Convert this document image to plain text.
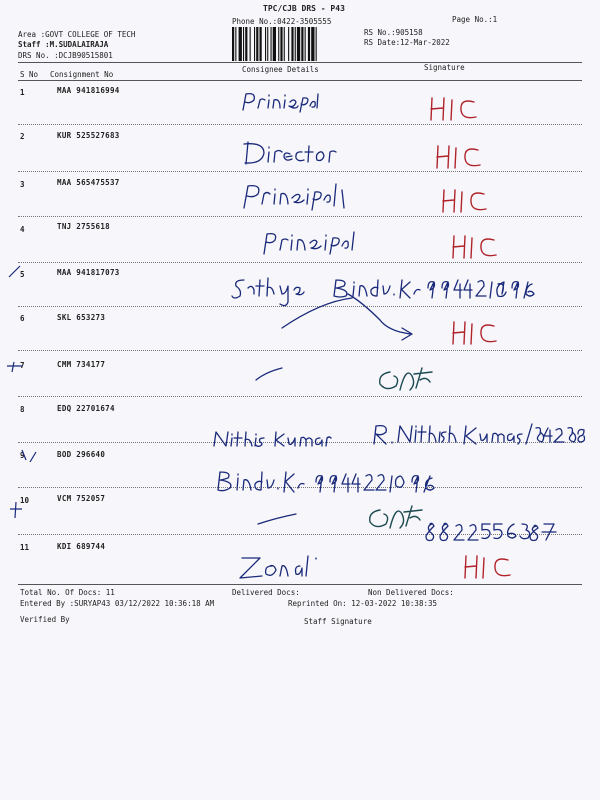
TPC/CJB DRS - P43
Phone No.:0422-3505555	Page No.:1
Area :GOVT COLLEGE OF TECH
Staff :M.SUDALAIRAJA
DRS No. :DCJB90515801
RS No.:905158
RS Date:12-Mar-2022
S No Consignment No
Consignee Details	Signature
1	MAA 941816994
2	KUR 525527683
3	MAA 565475537
4	TNJ 2755618
5	MAA 941817073
6	SKL 653273
7	CMM 734177
8	EDQ 22701674
9	BOD 296640
10	VCM 752057
11	KDI 689744
Total No. Of Docs: 11	Delivered Docs:	Non Delivered Docs:
Entered By :SURYAP43 03/12/2022 10:36:18 AM	Reprinted On: 12-03-2022 10:38:35
Verified By	Staff Signature
